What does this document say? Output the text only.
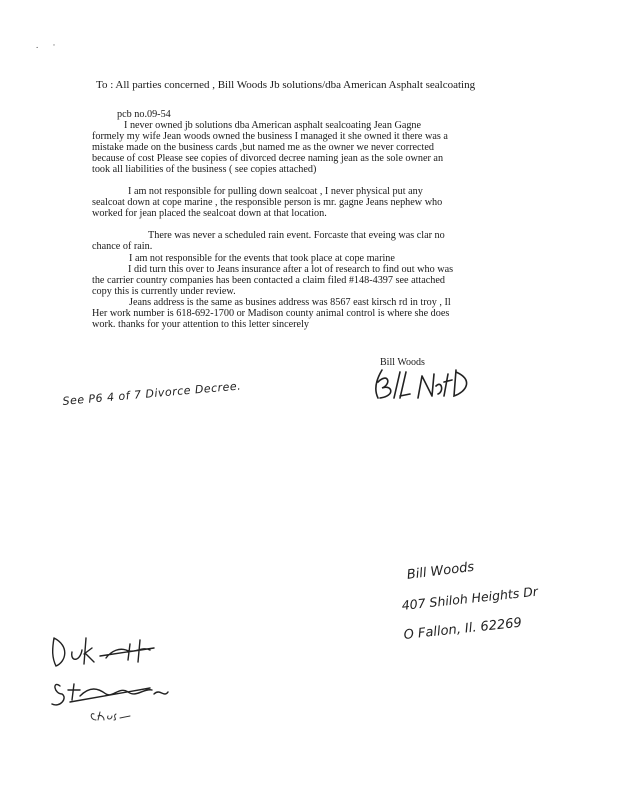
. ·
To : All parties concerned , Bill Woods Jb solutions/dba American Asphalt sealcoating
pcb no.09-54
I never owned jb solutions dba American asphalt sealcoating Jean Gagne
formely my wife Jean woods owned the business I managed it she owned it there was a
mistake made on the business cards ,but named me as the owner we never corrected
because of cost Please see copies of divorced decree naming jean as the sole owner an
took all liabilities of the business ( see copies attached)
I am not responsible for pulling down sealcoat , I never physical put any
sealcoat down at cope marine , the responsible person is mr. gagne Jeans nephew who
worked for jean placed the sealcoat down at that location.
There was never a scheduled rain event. Forcaste that eveing was clar no
chance of rain.
I am not responsible for the events that took place at cope marine
I did turn this over to Jeans insurance after a lot of research to find out who was
the carrier country companies has been contacted a claim filed #148-4397 see attached
copy this is currently under review.
Jeans address is the same as busines address was 8567 east kirsch rd in troy , Il
Her work number is 618-692-1700 or Madison county animal control is where she does
work. thanks for your attention to this letter sincerely
Bill Woods
See P6 4 of 7 Divorce Decree.
Bill Woods
407 Shiloh Heights Dr
O Fallon, Il. 62269
